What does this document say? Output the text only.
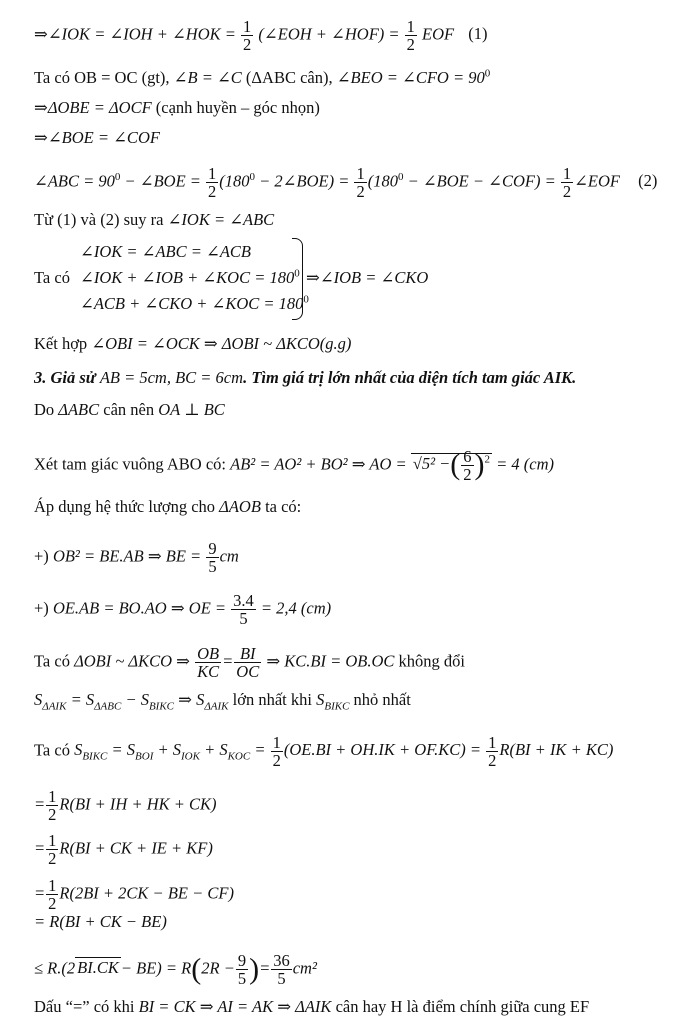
⇒∠IOK = ∠IOH + ∠HOK = $\frac{1}{2}$ (∠EOH + ∠HOF) = $\frac{1}{2}$ EOF (1)
Ta có OB = OC (gt), ∠B = ∠C (ΔABC cân), ∠BEO = ∠CFO = $90^0$
⇒ΔOBE = ΔOCF (cạnh huyền – góc nhọn)
⇒∠BOE = ∠COF
∠ABC = $90^0$ − ∠BOE = $\frac{1}{2} (180^0$ − 2∠BOE) = $\frac{1}{2} (180^0$ − ∠BOE − ∠COF) = $\frac{1}{2}$ ∠EOF (2)
Từ (1) và (2) suy ra ∠IOK = ∠ABC
Ta có
∠IOK = ∠ABC = ∠ACB
∠IOK + ∠IOB + ∠KOC = $180^0$
∠ACB + ∠CKO + ∠KOC = $180^0$
⇒∠IOB = ∠CKO
Kết hợp ∠OBI = ∠OCK ⇒ ΔOBI ~ ΔKCO(g.g)
3. Giả sử AB = 5cm, BC = 6cm. Tìm giá trị lớn nhất của diện tích tam giác AIK.
Do ΔABC cân nên OA ⊥ BC
Xét tam giác vuông ABO có: AB² = AO² + BO² ⇒ AO = √5² −( $\frac{6}{2} )^2 = 4$ (cm)
Áp dụng hệ thức lượng cho ΔAOB ta có:
+) OB² = BE.AB ⇒ BE = $\frac{9}{5}$ cm
+) OE.AB = BO.AO ⇒ OE = $\frac{3.4}{5} = 2,4$ (cm)
Ta có ΔOBI ~ ΔKCO ⇒ $\frac{OB}{KC} = \frac{BI}{OC}$ ⇒ KC.BI = OB.OC không đổi
$S_{\Delta AIK} = S_{\Delta ABC} - S_{BIKC}$ ⇒ $S_{\Delta AIK}$ lớn nhất khi $S_{BIKC}$ nhỏ nhất
Ta có $S_{BIKC} = S_{BOI} + S_{IOK} + S_{KOC} = \frac{1}{2} (OE.BI + OH.IK + OF.KC) = \frac{1}{2} R(BI$ + IK + KC)
= $\frac{1}{2} R(BI$ + IH + HK + CK)
= $\frac{1}{2} R(BI$ + CK + IE + KF)
= $\frac{1}{2} R(2BI + 2CK$ − BE − CF)
= R(BI + CK − BE)
≤ R.(2 $BI.CK - BE) = R(2R - \frac{9}{5}$ )= $\frac{36}{5} cm^2$
Dấu “=” có khi BI = CK ⇒ AI = AK ⇒ ΔAIK cân hay H là điểm chính giữa cung EF
